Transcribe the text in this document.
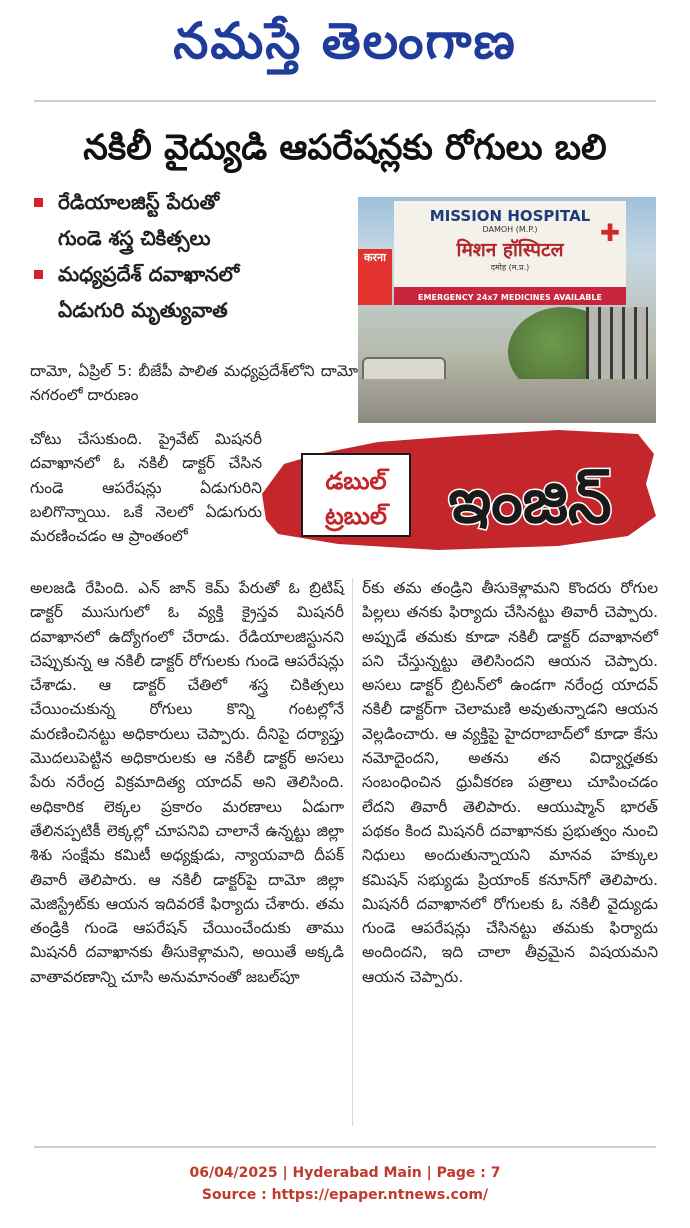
నమస్తే తెలంగాణ
నకిలీ వైద్యుడి ఆపరేషన్లకు రోగులు బలి
రేడియాలజిస్ట్ పేరుతో
గుండె శస్త్ర చికిత్సలు
మధ్యప్రదేశ్ దవాఖానలో
ఏడుగురి మృత్యువాత
करना
MISSION HOSPITAL
DAMOH (M.P.)
मिशन हॉस्पिटल
दमोह (म.प्र.)
✚
EMERGENCY 24x7 MEDICINES AVAILABLE
డబుల్
ట్రబుల్ ఇంజిన్
దామో, ఏప్రిల్ 5: బీజేపీ పాలిత మధ్యప్రదేశ్‌లోని దామో నగరంలో దారుణం
చోటు చేసుకుంది. ప్రైవేట్ మిషనరీ దవాఖానలో ఓ నకిలీ డాక్టర్ చేసిన గుండె ఆపరేషన్లు ఏడుగురిని బలిగొన్నాయి. ఒకే నెలలో ఏడుగురు మరణించడం ఆ ప్రాంతంలో
అలజడి రేపింది. ఎన్ జాన్ కెమ్ పేరుతో ఓ బ్రిటిష్ డాక్టర్ ముసుగులో ఓ వ్యక్తి క్రైస్తవ మిషనరీ దవాఖానలో ఉద్యోగంలో చేరాడు. రేడియాలజిస్టునని చెప్పుకున్న ఆ నకిలీ డాక్టర్ రోగులకు గుండె ఆపరేషన్లు చేశాడు. ఆ డాక్టర్ చేతిలో శస్త్ర చికిత్సలు చేయించుకున్న రోగులు కొన్ని గంటల్లోనే మరణించినట్టు అధికారులు చెప్పారు. దీనిపై దర్యాప్తు మొదలుపెట్టిన అధికారులకు ఆ నకిలీ డాక్టర్ అసలు పేరు నరేంద్ర విక్రమాదిత్య యాదవ్ అని తెలిసింది. అధికారిక లెక్కల ప్రకారం మరణాలు ఏడుగా తేలినప్పటికీ లెక్కల్లో చూపనివి చాలానే ఉన్నట్టు జిల్లా శిశు సంక్షేమ కమిటీ అధ్యక్షుడు, న్యాయవాది దీపక్ తివారీ తెలిపారు. ఆ నకిలీ డాక్టర్‌పై దామో జిల్లా మెజిస్ట్రేట్‌కు ఆయన ఇదివరకే ఫిర్యాదు చేశారు. తమ తండ్రికి గుండె ఆపరేషన్ చేయించేందుకు తాము మిషనరీ దవాఖానకు తీసుకెళ్లామని, అయితే అక్కడి వాతావరణాన్ని చూసి అనుమానంతో జబల్‌పూ
ర్‌కు తమ తండ్రిని తీసుకెళ్లామని కొందరు రోగుల పిల్లలు తనకు ఫిర్యాదు చేసినట్టు తివారీ చెప్పారు. అప్పుడే తమకు కూడా నకిలీ డాక్టర్ దవాఖానలో పని చేస్తున్నట్టు తెలిసిందని ఆయన చెప్పారు. అసలు డాక్టర్ బ్రిటన్‌లో ఉండగా నరేంద్ర యాదవ్ నకిలీ డాక్టర్‌గా చెలామణి అవుతున్నాడని ఆయన వెల్లడించారు. ఆ వ్యక్తిపై హైదరాబాద్‌లో కూడా కేసు నమోదైందని, అతను తన విద్యార్హతకు సంబంధించిన ధ్రువీకరణ పత్రాలు చూపించడం లేదని తివారీ తెలిపారు. ఆయుష్మాన్ భారత్ పథకం కింద మిషనరీ దవాఖానకు ప్రభుత్వం నుంచి నిధులు అందుతున్నాయని మానవ హక్కుల కమిషన్ సభ్యుడు ప్రియాంక్ కనూన్‌గో తెలిపారు. మిషనరీ దవాఖానలో రోగులకు ఓ నకిలీ వైద్యుడు గుండె ఆపరేషన్లు చేసినట్టు తమకు ఫిర్యాదు అందిందని, ఇది చాలా తీవ్రమైన విషయమని ఆయన చెప్పారు.
06/04/2025 | Hyderabad Main | Page : 7
Source : https://epaper.ntnews.com/
